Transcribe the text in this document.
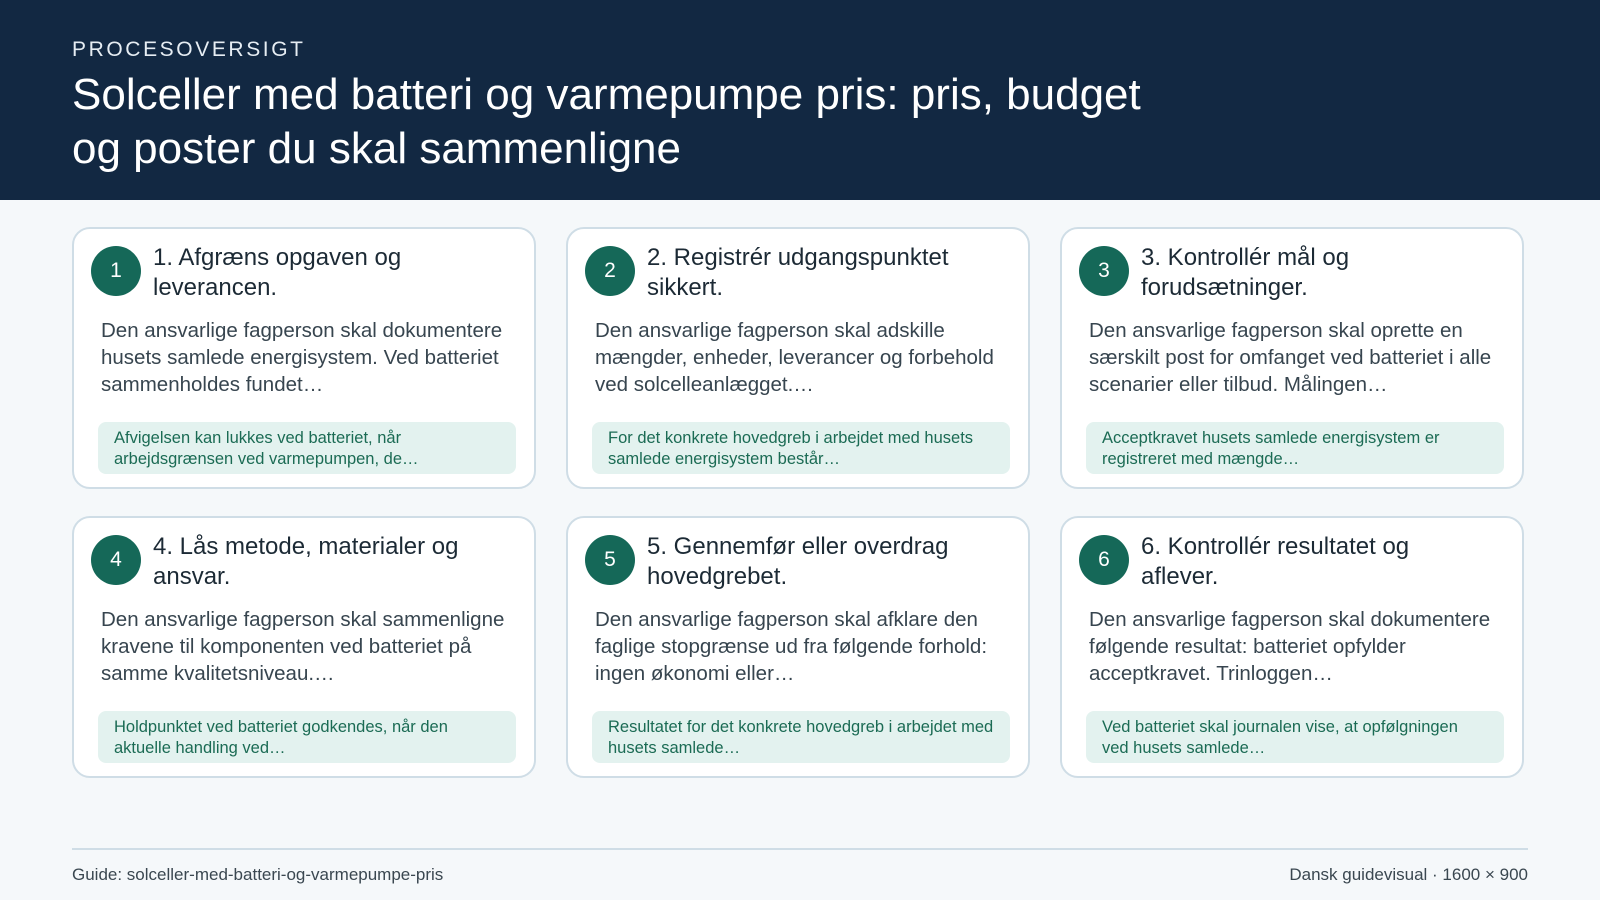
PROCESOVERSIGT
Solceller med batteri og varmepumpe pris: pris, budget og poster du skal sammenligne
1	1. Afgræns opgaven og leverancen.
Den ansvarlige fagperson skal dokumentere husets samlede energisystem. Ved batteriet sammenholdes fundet…
Afvigelsen kan lukkes ved batteriet, når arbejdsgrænsen ved varmepumpen, de…
2	2. Registrér udgangspunktet sikkert.
Den ansvarlige fagperson skal adskille mængder, enheder, leverancer og forbehold ved solcelleanlægget.…
For det konkrete hovedgreb i arbejdet med husets samlede energisystem består…
3	3. Kontrollér mål og forudsætninger.
Den ansvarlige fagperson skal oprette en særskilt post for omfanget ved batteriet i alle scenarier eller tilbud. Målingen…
Acceptkravet husets samlede energisystem er registreret med mængde…
4	4. Lås metode, materialer og ansvar.
Den ansvarlige fagperson skal sammenligne kravene til komponenten ved batteriet på samme kvalitetsniveau.…
Holdpunktet ved batteriet godkendes, når den aktuelle handling ved…
5	5. Gennemfør eller overdrag hovedgrebet.
Den ansvarlige fagperson skal afklare den faglige stopgrænse ud fra følgende forhold: ingen økonomi eller…
Resultatet for det konkrete hovedgreb i arbejdet med husets samlede…
6	6. Kontrollér resultatet og aflever.
Den ansvarlige fagperson skal dokumentere følgende resultat: batteriet opfylder acceptkravet. Trinloggen…
Ved batteriet skal journalen vise, at opfølgningen ved husets samlede…
Guide: solceller-med-batteri-og-varmepumpe-pris	Dansk guidevisual · 1600 × 900
